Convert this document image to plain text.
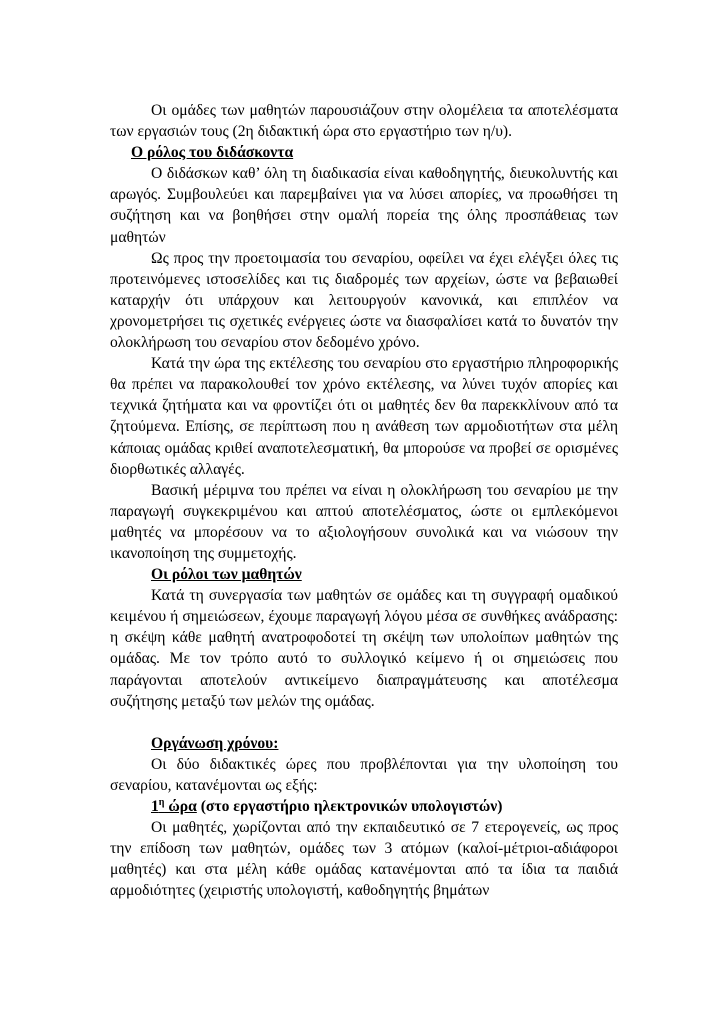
Οι ομάδες των μαθητών παρουσιάζουν στην ολομέλεια τα αποτελέσματα των εργασιών τους (2η διδακτική ώρα στο εργαστήριο των η/υ).

Ο ρόλος του διδάσκοντα

Ο διδάσκων καθ’ όλη τη διαδικασία είναι καθοδηγητής, διευκολυντής και αρωγός. Συμβουλεύει και παρεμβαίνει για να λύσει απορίες, να προωθήσει τη συζήτηση και να βοηθήσει στην ομαλή πορεία της όλης προσπάθειας των μαθητών

Ως προς την προετοιμασία του σεναρίου, οφείλει να έχει ελέγξει όλες τις προτεινόμενες ιστοσελίδες και τις διαδρομές των αρχείων, ώστε να βεβαιωθεί καταρχήν ότι υπάρχουν και λειτουργούν κανονικά, και επιπλέον να χρονομετρήσει τις σχετικές ενέργειες ώστε να διασφαλίσει κατά το δυνατόν την ολοκλήρωση του σεναρίου στον δεδομένο χρόνο.

Κατά την ώρα της εκτέλεσης του σεναρίου στο εργαστήριο πληροφορικής θα πρέπει να παρακολουθεί τον χρόνο εκτέλεσης, να λύνει τυχόν απορίες και τεχνικά ζητήματα και να φροντίζει ότι οι μαθητές δεν θα παρεκκλίνουν από τα ζητούμενα. Επίσης, σε περίπτωση που η ανάθεση των αρμοδιοτήτων στα μέλη κάποιας ομάδας κριθεί αναποτελεσματική, θα μπορούσε να προβεί σε ορισμένες διορθωτικές αλλαγές.

Βασική μέριμνα του πρέπει να είναι η ολοκλήρωση του σεναρίου με την παραγωγή συγκεκριμένου και απτού αποτελέσματος, ώστε οι εμπλεκόμενοι μαθητές να μπορέσουν να το αξιολογήσουν συνολικά και να νιώσουν την ικανοποίηση της συμμετοχής.

Οι ρόλοι των μαθητών

Κατά τη συνεργασία των μαθητών σε ομάδες και τη συγγραφή ομαδικού κειμένου ή σημειώσεων, έχουμε παραγωγή λόγου μέσα σε συνθήκες ανάδρασης: η σκέψη κάθε μαθητή ανατροφοδοτεί τη σκέψη των υπολοίπων μαθητών της ομάδας. Με τον τρόπο αυτό το συλλογικό κείμενο ή οι σημειώσεις που παράγονται αποτελούν αντικείμενο διαπραγμάτευσης και αποτέλεσμα συζήτησης μεταξύ των μελών της ομάδας.

Οργάνωση χρόνου:

Οι δύο διδακτικές ώρες που προβλέπονται για την υλοποίηση του σεναρίου, κατανέμονται ως εξής:

$1^\eta$ ώρα (στο εργαστήριο ηλεκτρονικών υπολογιστών)

Οι μαθητές, χωρίζονται από την εκπαιδευτικό σε 7 ετερογενείς, ως προς την επίδοση των μαθητών, ομάδες των 3 ατόμων (καλοί-μέτριοι-αδιάφοροι μαθητές) και στα μέλη κάθε ομάδας κατανέμονται από τα ίδια τα παιδιά αρμοδιότητες (χειριστής υπολογιστή, καθοδηγητής βημάτων
